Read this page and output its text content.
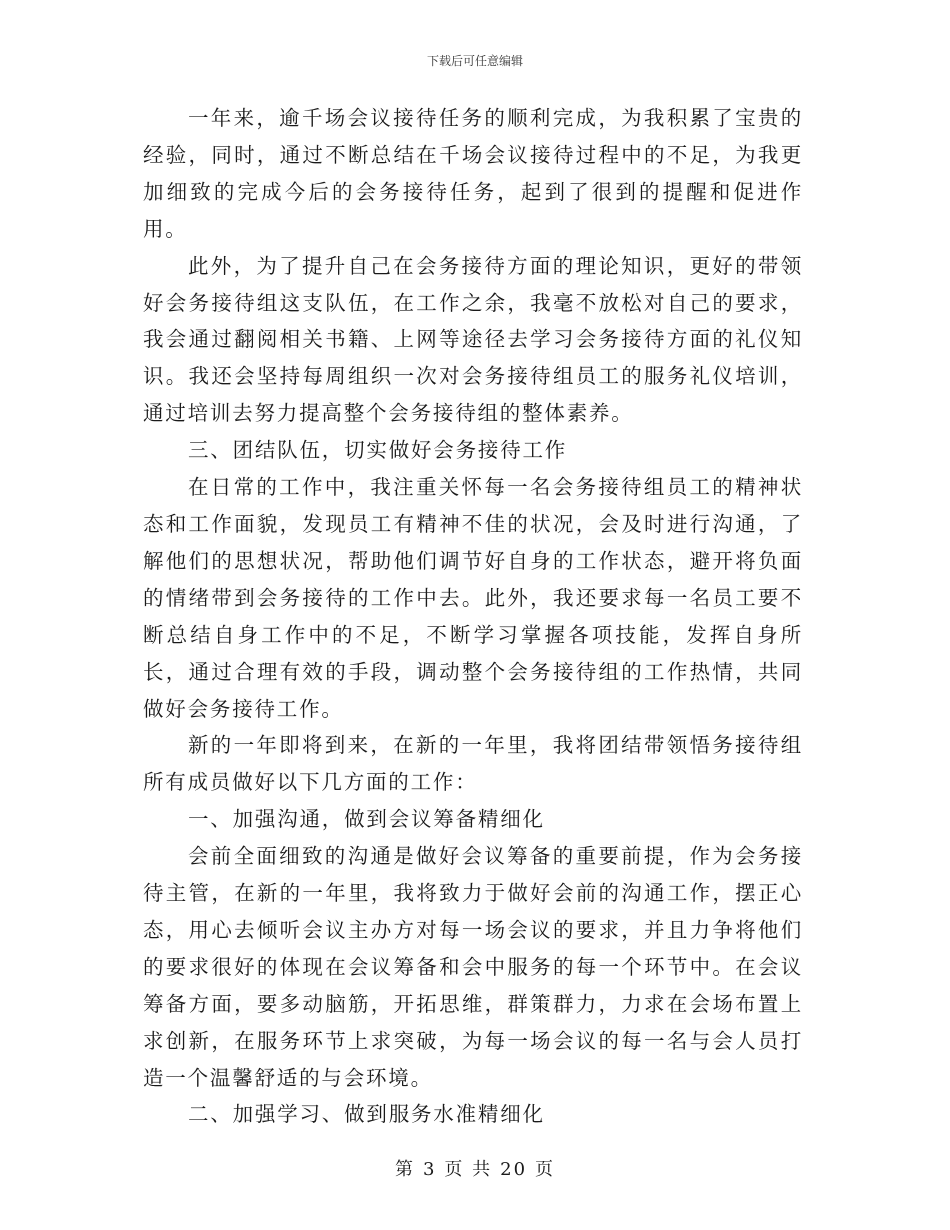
下载后可任意编辑

一年来，逾千场会议接待任务的顺利完成，为我积累了宝贵的经验，同时，通过不断总结在千场会议接待过程中的不足，为我更加细致的完成今后的会务接待任务，起到了很到的提醒和促进作用。

此外，为了提升自己在会务接待方面的理论知识，更好的带领好会务接待组这支队伍，在工作之余，我毫不放松对自己的要求，我会通过翻阅相关书籍、上网等途径去学习会务接待方面的礼仪知识。我还会坚持每周组织一次对会务接待组员工的服务礼仪培训，通过培训去努力提高整个会务接待组的整体素养。

三、团结队伍，切实做好会务接待工作

在日常的工作中，我注重关怀每一名会务接待组员工的精神状态和工作面貌，发现员工有精神不佳的状况，会及时进行沟通，了解他们的思想状况，帮助他们调节好自身的工作状态，避开将负面的情绪带到会务接待的工作中去。此外，我还要求每一名员工要不断总结自身工作中的不足，不断学习掌握各项技能，发挥自身所长，通过合理有效的手段，调动整个会务接待组的工作热情，共同做好会务接待工作。

新的一年即将到来，在新的一年里，我将团结带领悟务接待组所有成员做好以下几方面的工作：

一、加强沟通，做到会议筹备精细化

会前全面细致的沟通是做好会议筹备的重要前提，作为会务接待主管，在新的一年里，我将致力于做好会前的沟通工作，摆正心态，用心去倾听会议主办方对每一场会议的要求，并且力争将他们的要求很好的体现在会议筹备和会中服务的每一个环节中。在会议筹备方面，要多动脑筋，开拓思维，群策群力，力求在会场布置上求创新，在服务环节上求突破，为每一场会议的每一名与会人员打造一个温馨舒适的与会环境。

二、加强学习、做到服务水准精细化

第 3 页 共 20 页
